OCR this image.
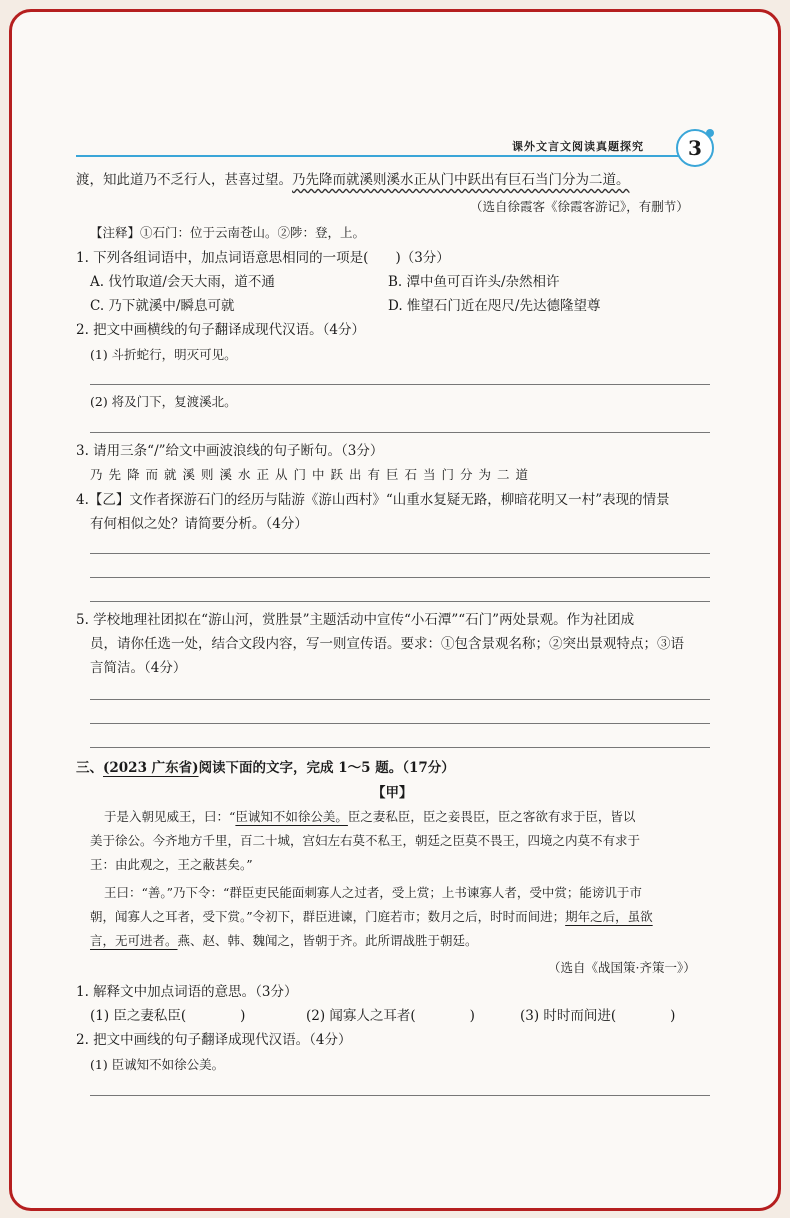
课外文言文阅读真题探究	3
渡，知此道乃不乏行人，甚喜过望。乃先降而就溪则溪水正从门中跃出有巨石当门分为二道。
（选自徐霞客《徐霞客游记》，有删节）
【注释】①石门：位于云南苍山。②陟：登，上。
1. 下列各组词语中，加点词语意思相同的一项是(　　)（3分）
A. 伐竹取道/会天大雨，道不通	B. 潭中鱼可百许头/杂然相许
C. 乃下就溪中/瞬息可就	D. 惟望石门近在咫尺/先达德隆望尊
2. 把文中画横线的句子翻译成现代汉语。（4分）
(1) 斗折蛇行，明灭可见。
(2) 将及门下，复渡溪北。
3. 请用三条“/”给文中画波浪线的句子断句。（3分）
乃先降而就溪则溪水正从门中跃出有巨石当门分为二道
4.【乙】文作者探游石门的经历与陆游《游山西村》“山重水复疑无路，柳暗花明又一村”表现的情景
有何相似之处？请简要分析。（4分）
5. 学校地理社团拟在“游山河，赏胜景”主题活动中宣传“小石潭”“石门”两处景观。作为社团成
员，请你任选一处，结合文段内容，写一则宣传语。要求：①包含景观名称；②突出景观特点；③语
言简洁。（4分）
三、(2023 广东省)阅读下面的文字，完成 1～5 题。（17分）
【甲】
于是入朝见威王，曰：“臣诚知不如徐公美。臣之妻私臣，臣之妾畏臣，臣之客欲有求于臣，皆以
美于徐公。今齐地方千里，百二十城，宫妇左右莫不私王，朝廷之臣莫不畏王，四境之内莫不有求于
王：由此观之，王之蔽甚矣。”
王曰：“善。”乃下令：“群臣吏民能面刺寡人之过者，受上赏；上书谏寡人者，受中赏；能谤讥于市
朝，闻寡人之耳者，受下赏。”令初下，群臣进谏，门庭若市；数月之后，时时而间进；期年之后，虽欲
言，无可进者。燕、赵、韩、魏闻之，皆朝于齐。此所谓战胜于朝廷。
（选自《战国策·齐策一》）
1. 解释文中加点词语的意思。（3分）
(1) 臣之妻私臣(　　　　)	(2) 闻寡人之耳者(　　　　)	(3) 时时而间进(　　　　)
2. 把文中画线的句子翻译成现代汉语。（4分）
(1) 臣诚知不如徐公美。
